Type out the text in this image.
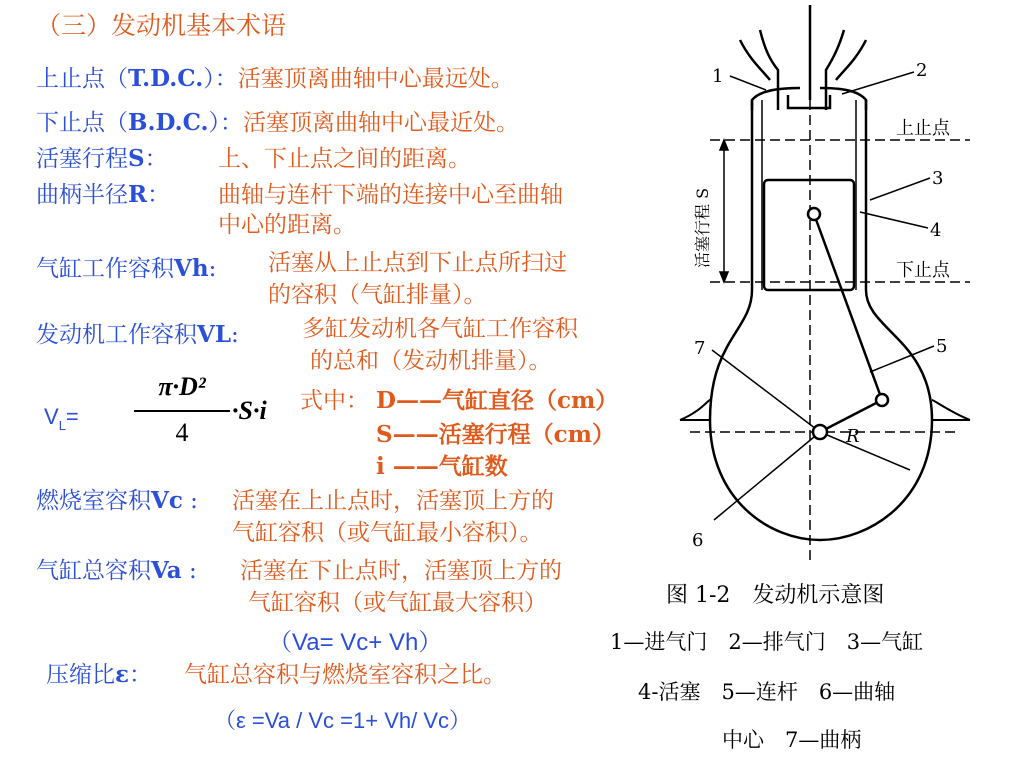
（三）发动机基本术语
上止点（T.D.C.）：活塞顶离曲轴中心最远处。
下止点（B.D.C.）：活塞顶离曲轴中心最近处。
活塞行程S： 上、下止点之间的距离。
曲柄半径R： 曲轴与连杆下端的连接中心至曲轴
中心的距离。
气缸工作容积Vh: 活塞从上止点到下止点所扫过
的容积（气缸排量）。
发动机工作容积VL:	多缸发动机各气缸工作容积
的总和（发动机排量）。
$V_L=$
π·D²
4
·S·i 式中： D——气缸直径（cm）
S——活塞行程（cm）
i ——气缸数
燃烧室容积Vc : 活塞在上止点时，活塞顶上方的
气缸容积（或气缸最小容积）。
气缸总容积Va : 活塞在下止点时，活塞顶上方的
气缸容积（或气缸最大容积）
（Va= Vc+ Vh）
压缩比ε： 气缸总容积与燃烧室容积之比。
（ε =Va / Vc =1+ Vh/ Vc）
1	2
3
4
5
6
7
R
上止点
下止点
活塞行程 S
图 1-2　发动机示意图
1—进气门　2—排气门　3—气缸
4-活塞　5—连杆　6—曲轴
中心　7—曲柄
